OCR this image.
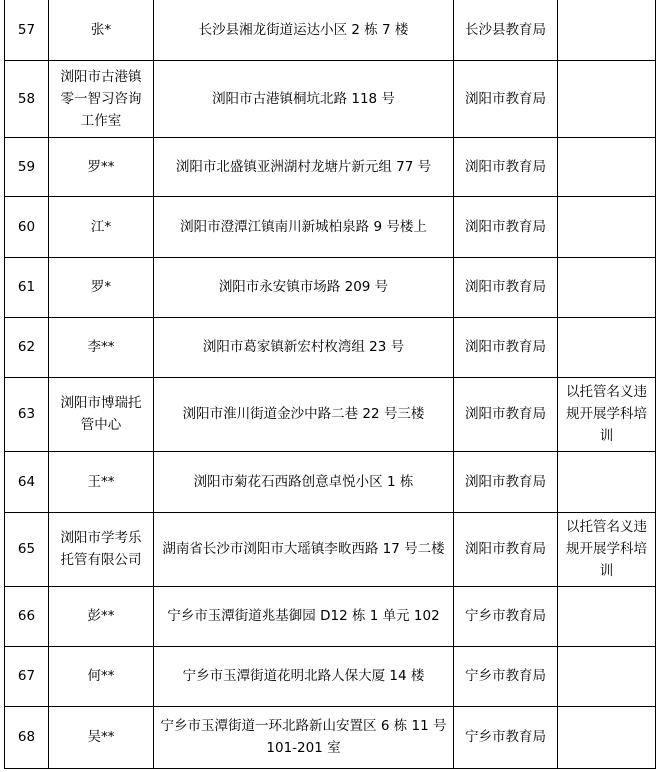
57	张*	长沙县湘龙街道运达小区 2 栋 7 楼	长沙县教育局	
58	浏阳市古港镇零一智习咨询工作室	浏阳市古港镇桐坑北路 118 号	浏阳市教育局	
59	罗**	浏阳市北盛镇亚洲湖村龙塘片新元组 77 号	浏阳市教育局	
60	江*	浏阳市澄潭江镇南川新城柏泉路 9 号楼上	浏阳市教育局	
61	罗*	浏阳市永安镇市场路 209 号	浏阳市教育局	
62	李**	浏阳市葛家镇新宏村枚湾组 23 号	浏阳市教育局	
63	浏阳市博瑞托管中心	浏阳市淮川街道金沙中路二巷 22 号三楼	浏阳市教育局	以托管名义违规开展学科培训
64	王**	浏阳市菊花石西路创意卓悦小区 1 栋	浏阳市教育局	
65	浏阳市学考乐托管有限公司	湖南省长沙市浏阳市大瑶镇李畋西路 17 号二楼	浏阳市教育局	以托管名义违规开展学科培训
66	彭**	宁乡市玉潭街道兆基御园 D12 栋 1 单元 102	宁乡市教育局	
67	何**	宁乡市玉潭街道花明北路人保大厦 14 楼	宁乡市教育局	
68	吴**	宁乡市玉潭街道一环北路新山安置区 6 栋 11 号 101-201 室	宁乡市教育局	
